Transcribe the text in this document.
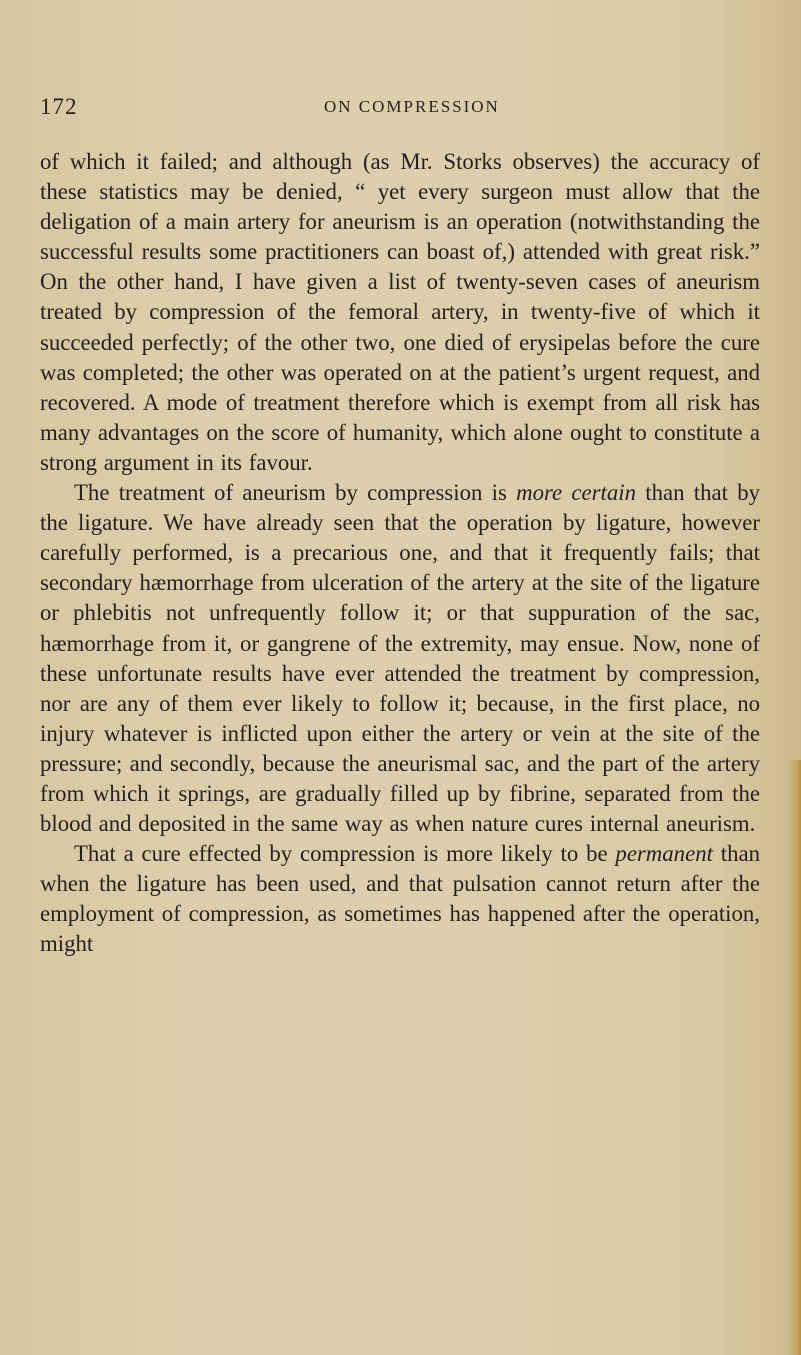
172	ON COMPRESSION

of which it failed; and although (as Mr. Storks observes) the accuracy of these statistics may be denied, “ yet every surgeon must allow that the deligation of a main artery for aneurism is an operation (notwithstanding the successful results some practitioners can boast of,) attended with great risk.” On the other hand, I have given a list of twenty-seven cases of aneurism treated by compression of the femoral artery, in twenty-five of which it succeeded perfectly; of the other two, one died of erysipelas before the cure was completed; the other was operated on at the patient’s urgent request, and recovered. A mode of treatment therefore which is exempt from all risk has many advantages on the score of humanity, which alone ought to constitute a strong argument in its favour.

The treatment of aneurism by compression is more certain than that by the ligature. We have already seen that the operation by ligature, however carefully performed, is a precarious one, and that it frequently fails; that secondary hæmorrhage from ulceration of the artery at the site of the ligature or phlebitis not unfrequently follow it; or that suppuration of the sac, hæmorrhage from it, or gangrene of the extremity, may ensue. Now, none of these unfortunate results have ever attended the treatment by compression, nor are any of them ever likely to follow it; because, in the first place, no injury whatever is inflicted upon either the artery or vein at the site of the pressure; and secondly, because the aneurismal sac, and the part of the artery from which it springs, are gradually filled up by fibrine, separated from the blood and deposited in the same way as when nature cures internal aneurism.

That a cure effected by compression is more likely to be permanent than when the ligature has been used, and that pulsation cannot return after the employment of compression, as sometimes has happened after the operation, might
